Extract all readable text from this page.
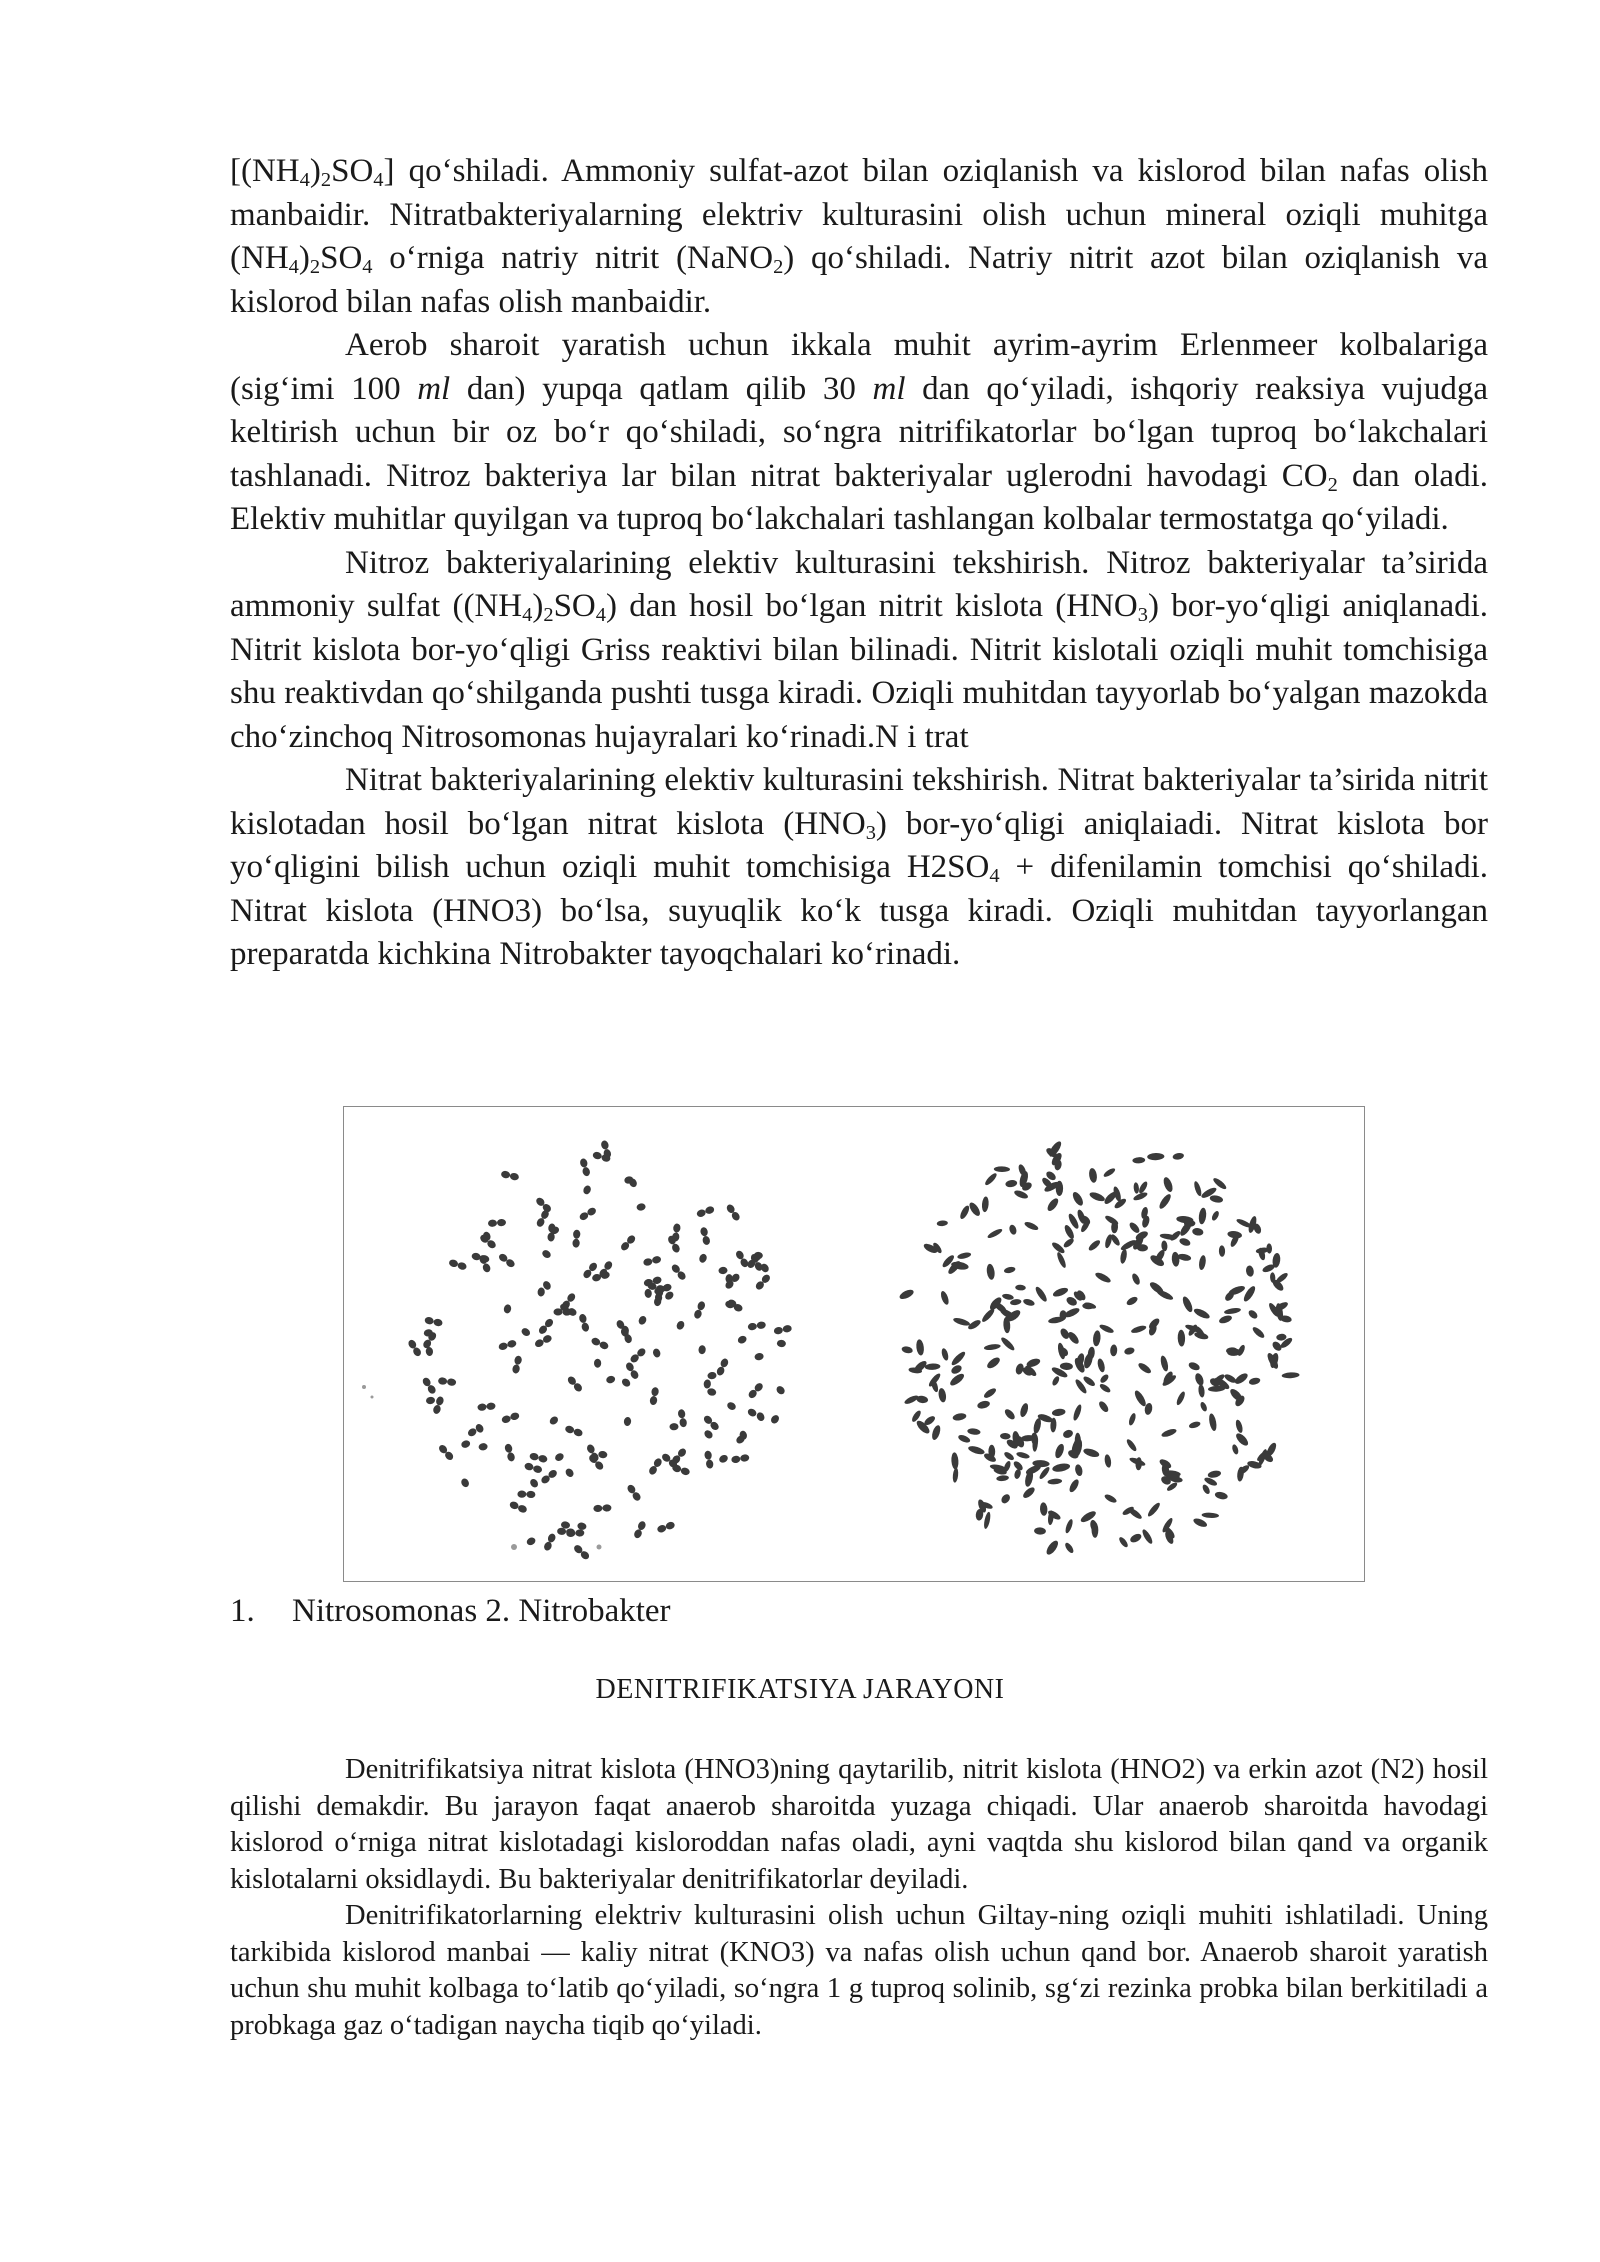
$[(NH_4)_2SO_4]$ qo‘shiladi. Ammoniy sulfat-azot bilan oziqlanish va kislorod bilan nafas olish manbaidir. Nitratbakteriyalarning elektriv kulturasini olish uchun mineral oziqli muhitga $(NH_4)_2SO_4$ o‘rniga natriy nitrit (NaNO$_2$) qo‘shiladi. Natriy nitrit azot bilan oziqlanish va kislorod bilan nafas olish manbaidir.

Aerob sharoit yaratish uchun ikkala muhit ayrim-ayrim Erlenmeer kolbalariga (sig‘imi 100 ml dan) yupqa qatlam qilib 30 ml dan qo‘yiladi, ishqoriy reaksiya vujudga keltirish uchun bir oz bo‘r qo‘shiladi, so‘ngra nitrifikatorlar bo‘lgan tuproq bo‘lakchalari tashlanadi. Nitroz bakteriya lar bilan nitrat bakteriyalar uglerodni havodagi $CO_2$ dan oladi. Elektiv muhitlar quyilgan va tuproq bo‘lakchalari tashlangan kolbalar termostatga qo‘yiladi.

Nitroz bakteriyalarining elektiv kulturasini tekshirish. Nitroz bakteriyalar ta’sirida ammoniy sulfat $((NH_4)_2SO_4)$ dan hosil bo‘lgan nitrit kislota $(HNO_3)$ bor-yo‘qligi aniqlanadi. Nitrit kislota bor-yo‘qligi Griss reaktivi bilan bilinadi. Nitrit kislotali oziqli muhit tomchisiga shu reaktivdan qo‘shilganda pushti tusga kiradi. Oziqli muhitdan tayyorlab bo‘yalgan mazokda cho‘zinchoq Nitrosomonas hujayralari ko‘rinadi.N i trat

Nitrat bakteriyalarining elektiv kulturasini tekshirish. Nitrat bakteriyalar ta’sirida nitrit kislotadan hosil bo‘lgan nitrat kislota $(HNO_3)$ bor-yo‘qligi aniqlaiadi. Nitrat kislota bor yo‘qligini bilish uchun oziqli muhit tomchisiga $H2SO_4$ + difenilamin tomchisi qo‘shiladi. Nitrat kislota (HNO3) bo‘lsa, suyuqlik ko‘k tusga kiradi. Oziqli muhitdan tayyorlangan preparatda kichkina Nitrobakter tayoqchalari ko‘rinadi.

1. Nitrosomonas 2. Nitrobakter
DENITRIFIKATSIYA JARAYONI

Denitrifikatsiya nitrat kislota (HNO3)ning qaytarilib, nitrit kislota (HNO2) va erkin azot (N2) hosil qilishi demakdir. Bu jarayon faqat anaerob sharoitda yuzaga chiqadi. Ular anaerob sharoitda havodagi kislorod o‘rniga nitrat kislotadagi kisloroddan nafas oladi, ayni vaqtda shu kislorod bilan qand va organik kislotalarni oksidlaydi. Bu bakteriyalar denitrifikatorlar deyiladi.

Denitrifikatorlarning elektriv kulturasini olish uchun Giltay-ning oziqli muhiti ishlatiladi. Uning tarkibida kislorod manbai — kaliy nitrat (KNO3) va nafas olish uchun qand bor. Anaerob sharoit yaratish uchun shu muhit kolbaga to‘latib qo‘yiladi, so‘ngra 1 g tuproq solinib, sg‘zi rezinka probka bilan berkitiladi a probkaga gaz o‘tadigan naycha tiqib qo‘yiladi.
